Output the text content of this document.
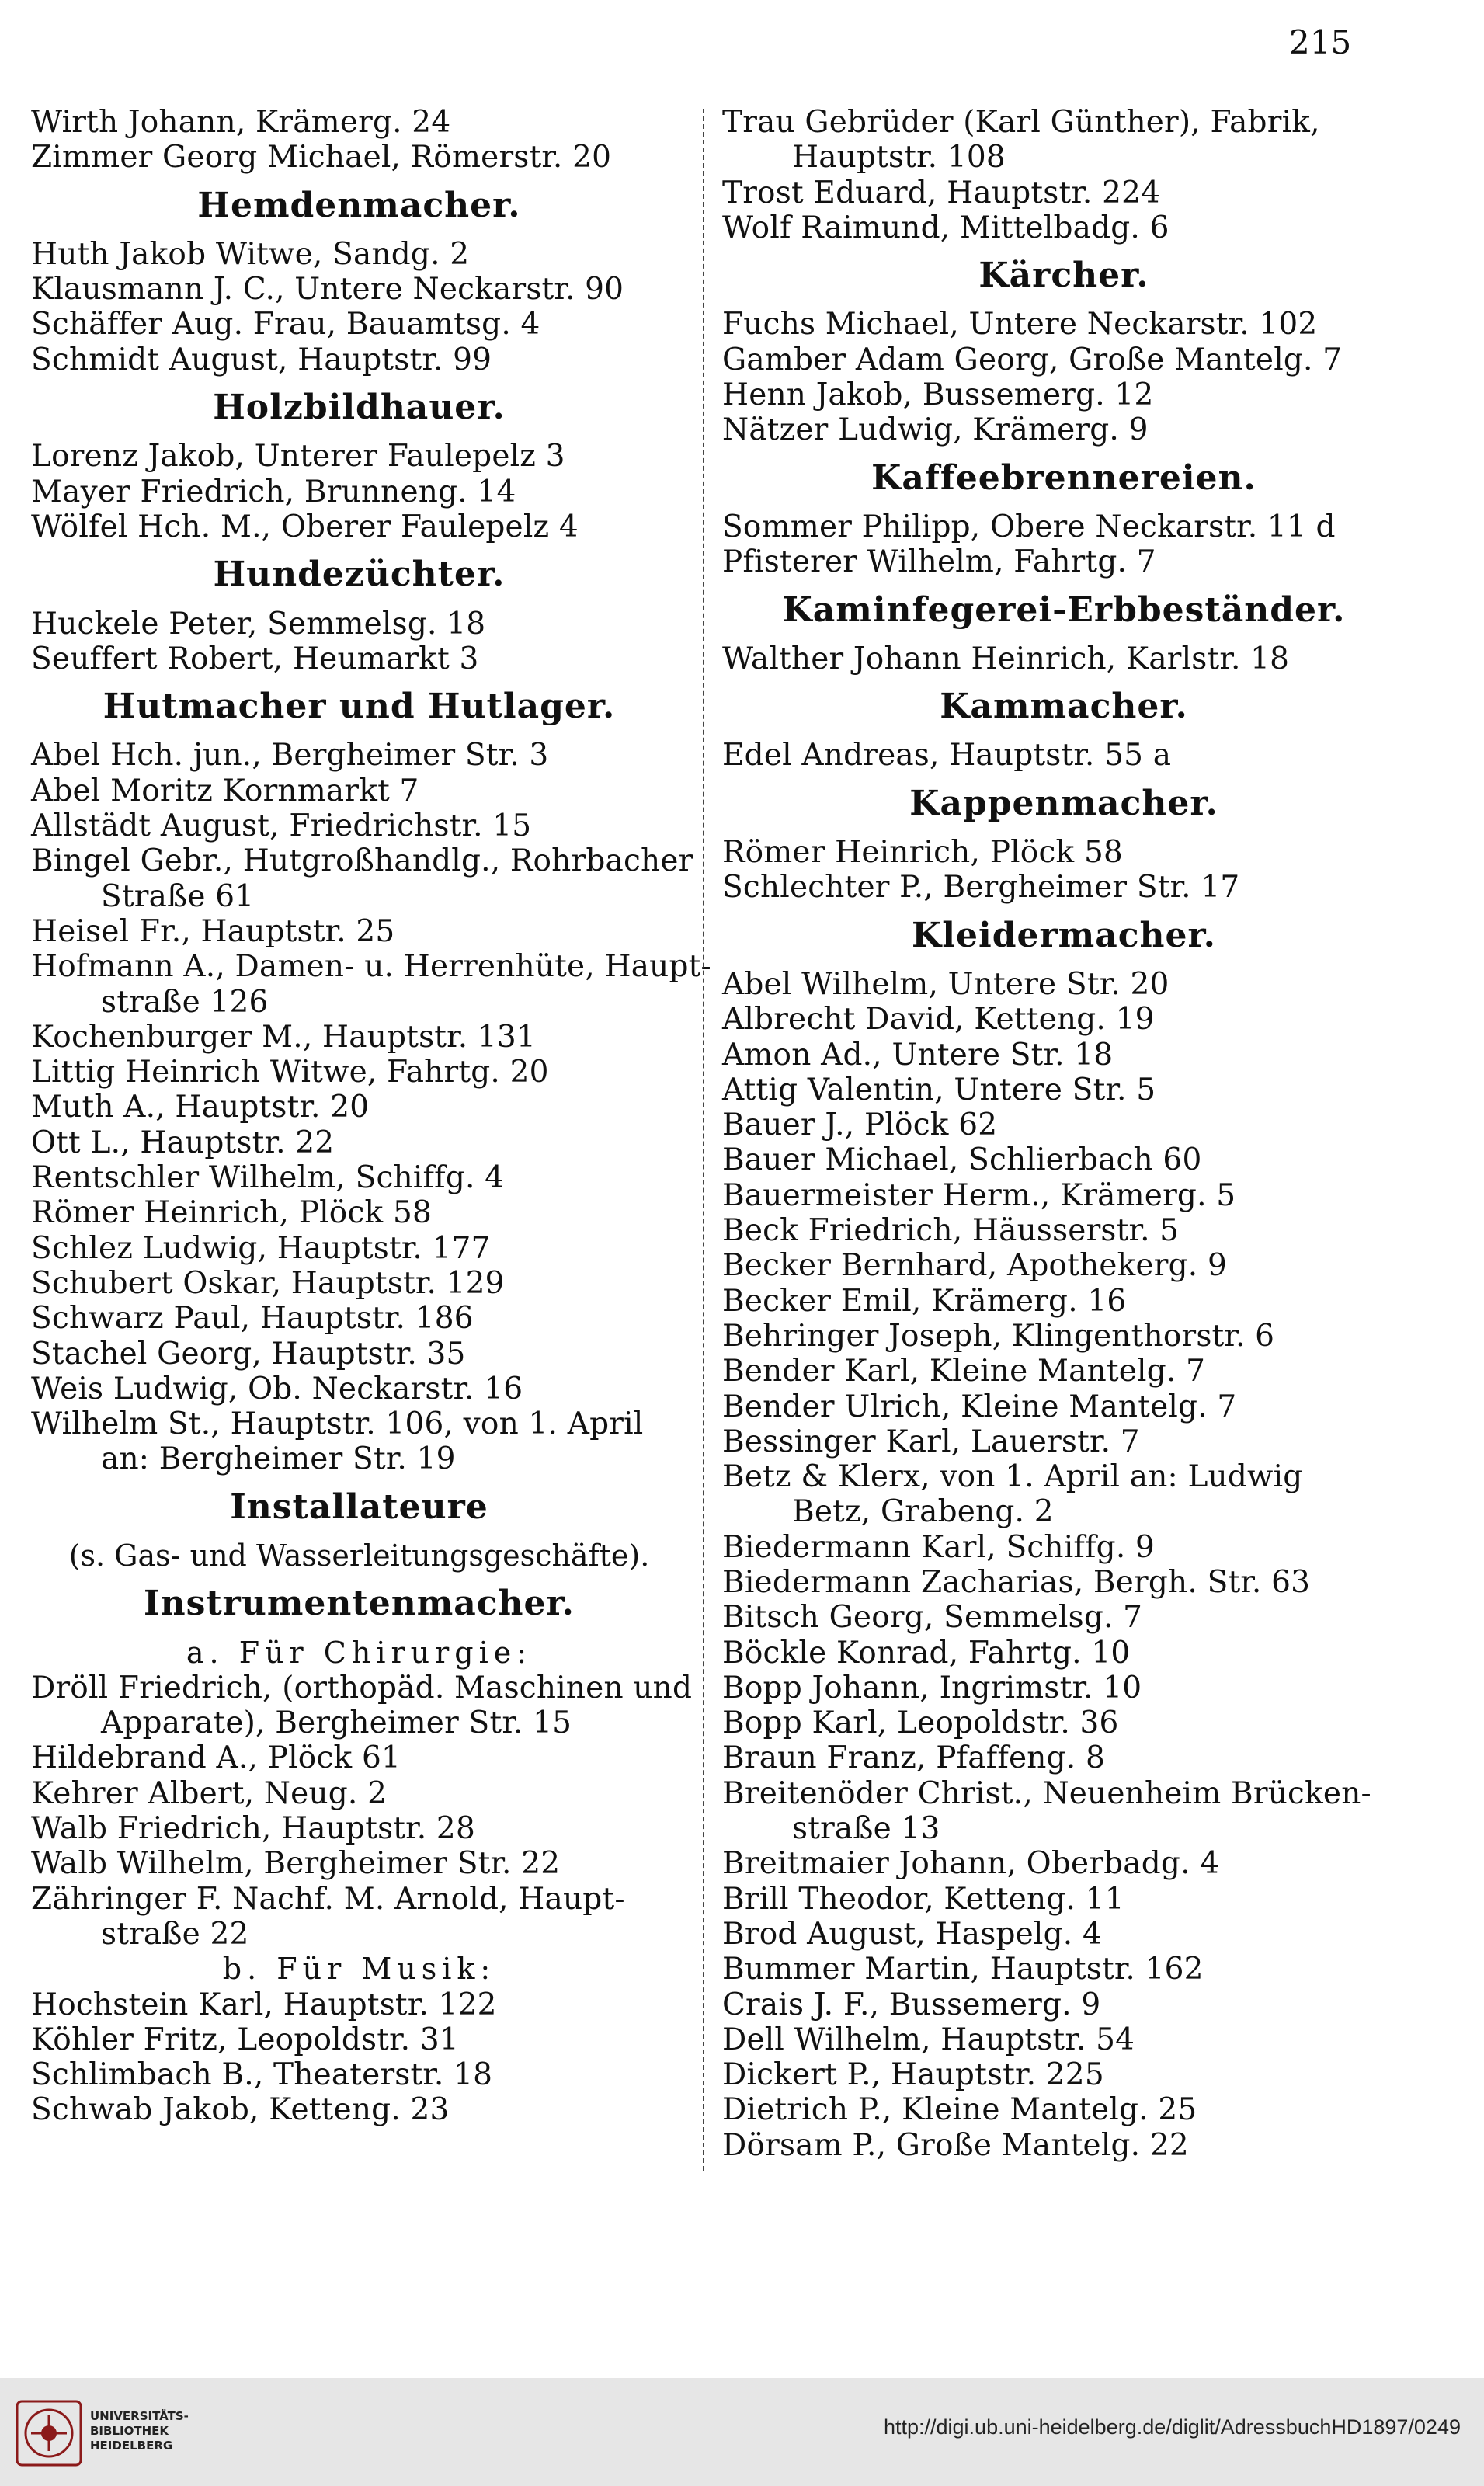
215
Wirth Johann, Krämerg. 24
Zimmer Georg Michael, Römerstr. 20
Hemdenmacher.
Huth Jakob Witwe, Sandg. 2
Klausmann J. C., Untere Neckarstr. 90
Schäffer Aug. Frau, Bauamtsg. 4
Schmidt August, Hauptstr. 99
Holzbildhauer.
Lorenz Jakob, Unterer Faulepelz 3
Mayer Friedrich, Brunneng. 14
Wölfel Hch. M., Oberer Faulepelz 4
Hundezüchter.
Huckele Peter, Semmelsg. 18
Seuffert Robert, Heumarkt 3
Hutmacher und Hutlager.
Abel Hch. jun., Bergheimer Str. 3
Abel Moritz Kornmarkt 7
Allstädt August, Friedrichstr. 15
Bingel Gebr., Hutgroßhandlg., Rohrbacher
Straße 61
Heisel Fr., Hauptstr. 25
Hofmann A., Damen- u. Herrenhüte, Haupt-
straße 126
Kochenburger M., Hauptstr. 131
Littig Heinrich Witwe, Fahrtg. 20
Muth A., Hauptstr. 20
Ott L., Hauptstr. 22
Rentschler Wilhelm, Schiffg. 4
Römer Heinrich, Plöck 58
Schlez Ludwig, Hauptstr. 177
Schubert Oskar, Hauptstr. 129
Schwarz Paul, Hauptstr. 186
Stachel Georg, Hauptstr. 35
Weis Ludwig, Ob. Neckarstr. 16
Wilhelm St., Hauptstr. 106, von 1. April
an: Bergheimer Str. 19
Installateure
(s. Gas- und Wasserleitungsgeschäfte).
Instrumentenmacher.
a. Für Chirurgie:
Dröll Friedrich, (orthopäd. Maschinen und
Apparate), Bergheimer Str. 15
Hildebrand A., Plöck 61
Kehrer Albert, Neug. 2
Walb Friedrich, Hauptstr. 28
Walb Wilhelm, Bergheimer Str. 22
Zähringer F. Nachf. M. Arnold, Haupt-
straße 22
b. Für Musik:
Hochstein Karl, Hauptstr. 122
Köhler Fritz, Leopoldstr. 31
Schlimbach B., Theaterstr. 18
Schwab Jakob, Ketteng. 23
Trau Gebrüder (Karl Günther), Fabrik,
Hauptstr. 108
Trost Eduard, Hauptstr. 224
Wolf Raimund, Mittelbadg. 6
Kärcher.
Fuchs Michael, Untere Neckarstr. 102
Gamber Adam Georg, Große Mantelg. 7
Henn Jakob, Bussemerg. 12
Nätzer Ludwig, Krämerg. 9
Kaffeebrennereien.
Sommer Philipp, Obere Neckarstr. 11 d
Pfisterer Wilhelm, Fahrtg. 7
Kaminfegerei-Erbbeständer.
Walther Johann Heinrich, Karlstr. 18
Kammacher.
Edel Andreas, Hauptstr. 55 a
Kappenmacher.
Römer Heinrich, Plöck 58
Schlechter P., Bergheimer Str. 17
Kleidermacher.
Abel Wilhelm, Untere Str. 20
Albrecht David, Ketteng. 19
Amon Ad., Untere Str. 18
Attig Valentin, Untere Str. 5
Bauer J., Plöck 62
Bauer Michael, Schlierbach 60
Bauermeister Herm., Krämerg. 5
Beck Friedrich, Häusserstr. 5
Becker Bernhard, Apothekerg. 9
Becker Emil, Krämerg. 16
Behringer Joseph, Klingenthorstr. 6
Bender Karl, Kleine Mantelg. 7
Bender Ulrich, Kleine Mantelg. 7
Bessinger Karl, Lauerstr. 7
Betz & Klerx, von 1. April an: Ludwig
Betz, Grabeng. 2
Biedermann Karl, Schiffg. 9
Biedermann Zacharias, Bergh. Str. 63
Bitsch Georg, Semmelsg. 7
Böckle Konrad, Fahrtg. 10
Bopp Johann, Ingrimstr. 10
Bopp Karl, Leopoldstr. 36
Braun Franz, Pfaffeng. 8
Breitenöder Christ., Neuenheim Brücken-
straße 13
Breitmaier Johann, Oberbadg. 4
Brill Theodor, Ketteng. 11
Brod August, Haspelg. 4
Bummer Martin, Hauptstr. 162
Crais J. F., Bussemerg. 9
Dell Wilhelm, Hauptstr. 54
Dickert P., Hauptstr. 225
Dietrich P., Kleine Mantelg. 25
Dörsam P., Große Mantelg. 22
UNIVERSITÄTS-
BIBLIOTHEK
HEIDELBERG
http://digi.ub.uni-heidelberg.de/diglit/AdressbuchHD1897/0249
